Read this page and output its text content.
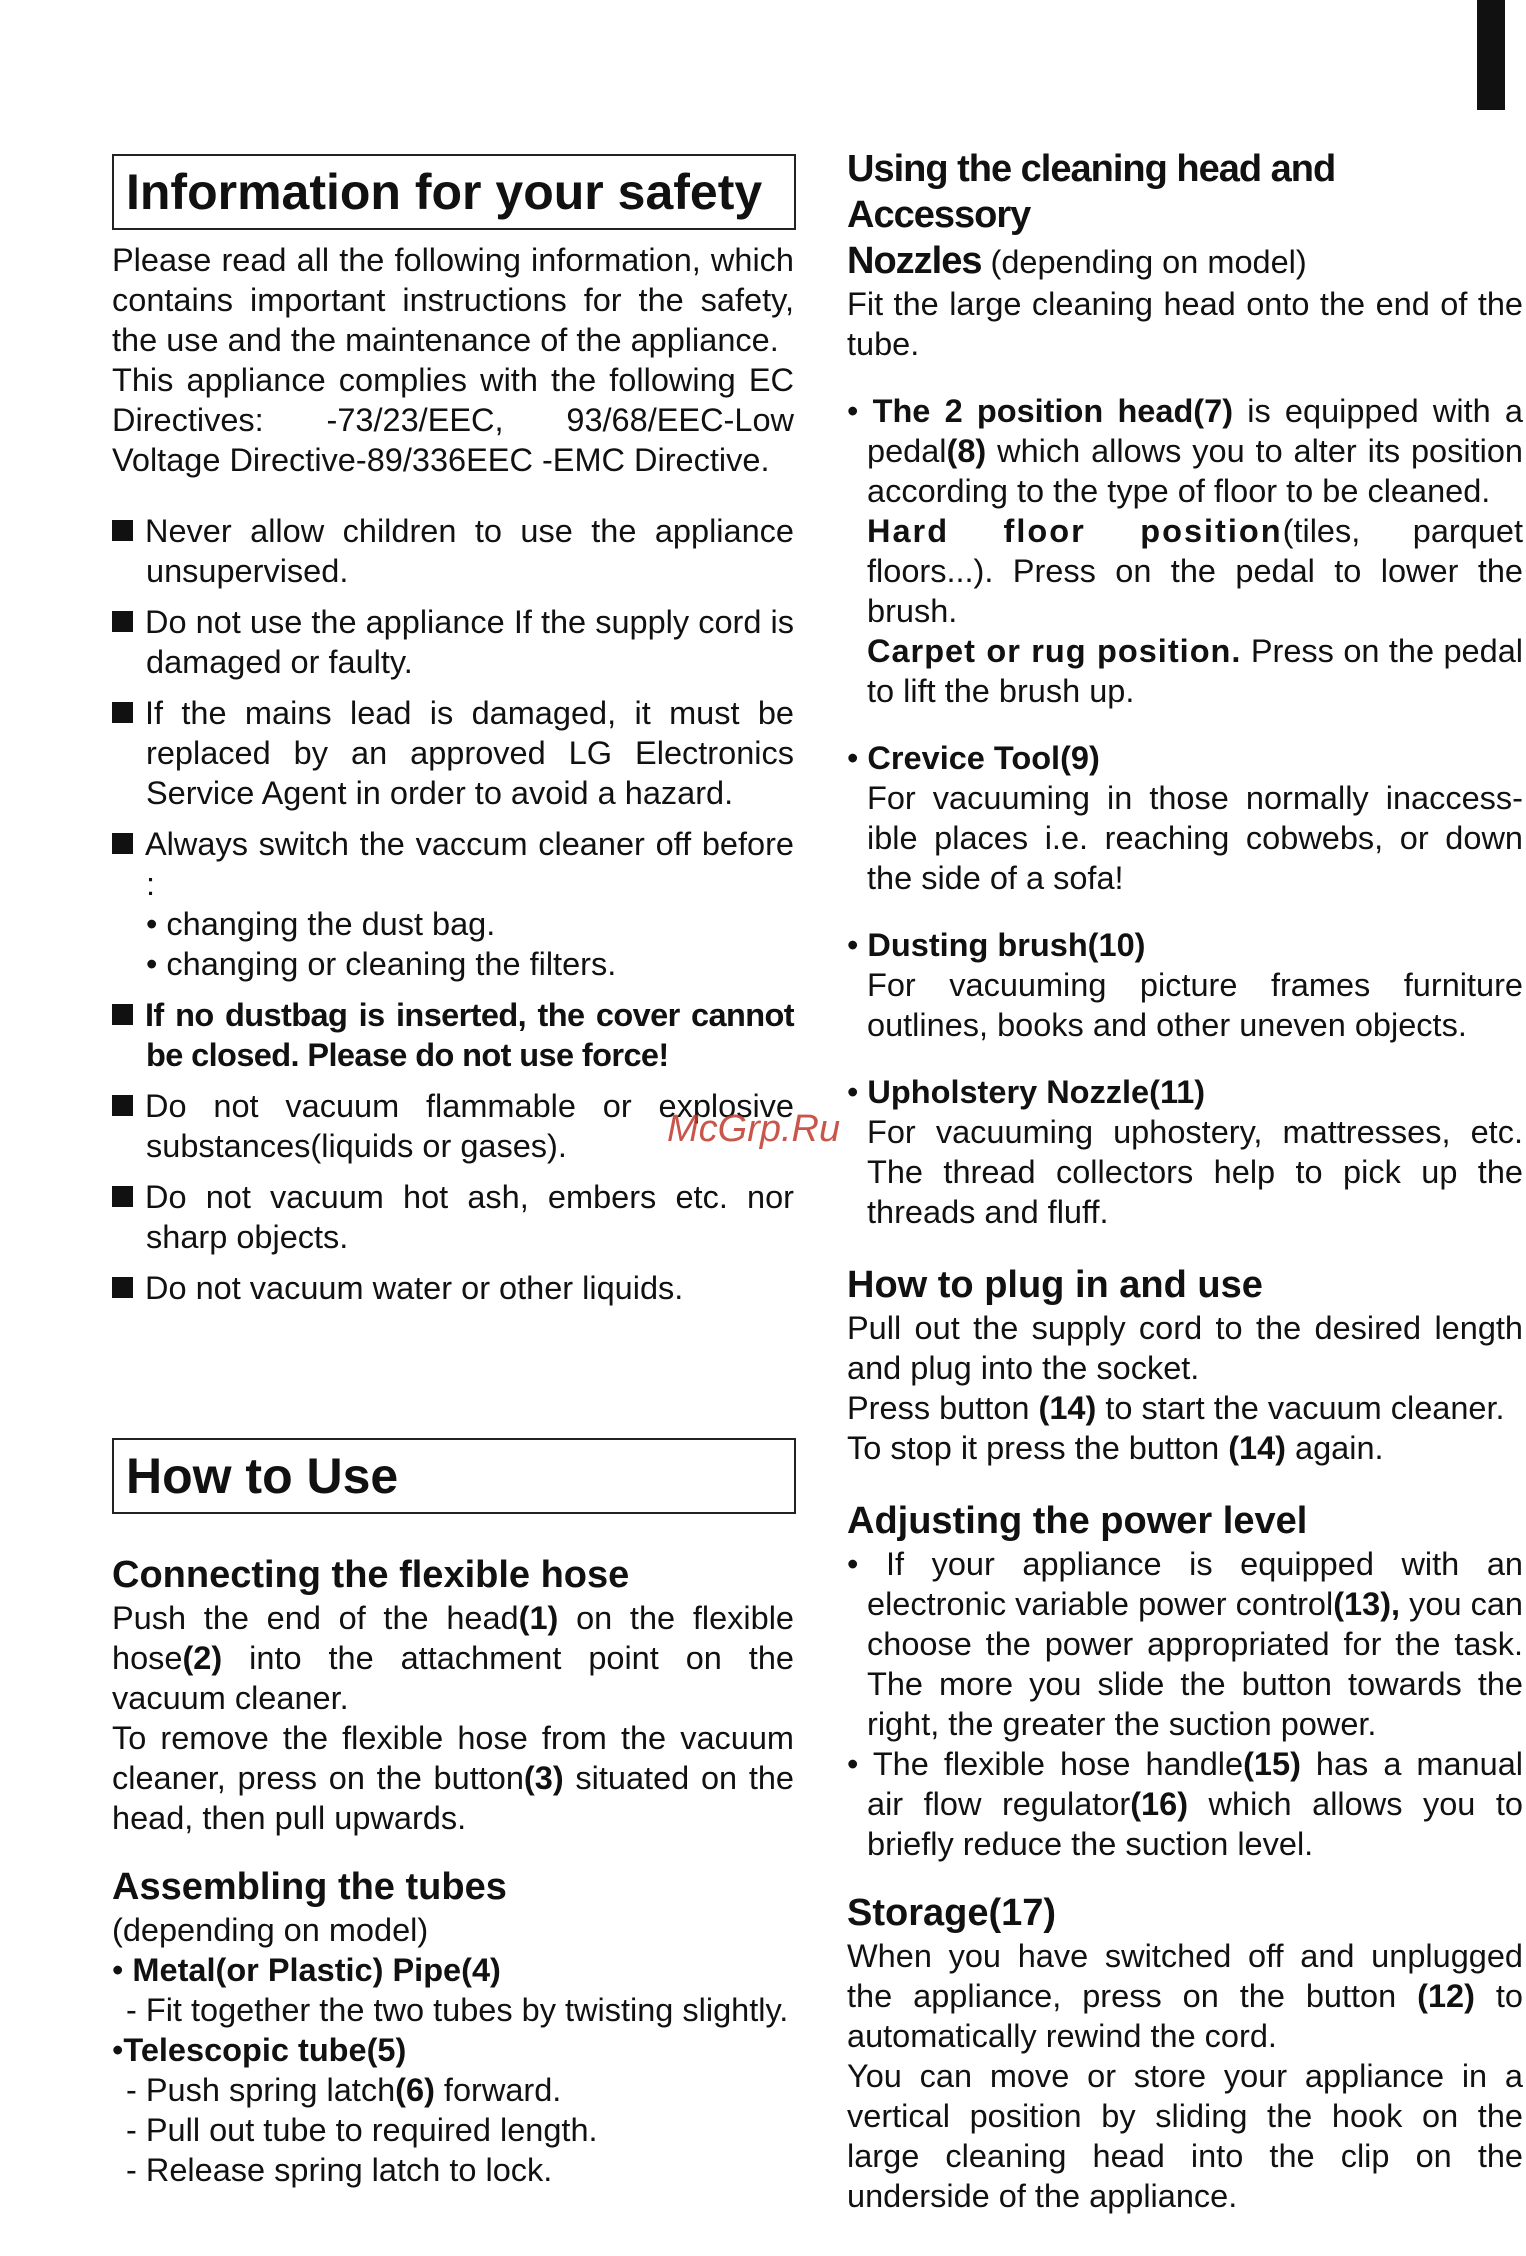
Information for your safety

Please read all the following information, which contains important instructions for the safety, the use and the maintenance of the appliance.

This appliance complies with the following EC Directives: -73/23/EEC, 93/68/EEC-Low Voltage Directive-89/336EEC -EMC Directive.

Never allow children to use the appliance unsupervised.

Do not use the appliance If the supply cord is damaged or faulty.

If the mains lead is damaged, it must be replaced by an approved LG Electronics Service Agent in order to avoid a hazard.

Always switch the vaccum cleaner off before :

• changing the dust bag.

• changing or cleaning the filters.

If no dustbag is inserted, the cover cannot be closed. Please do not use force!

Do not vacuum flammable or explosive substances(liquids or gases).

Do not vacuum hot ash, embers etc. nor sharp objects.

Do not vacuum water or other liquids.

How to Use

Connecting the flexible hose

Push the end of the head(1) on the flexible hose(2) into the attachment point on the vacuum cleaner.

To remove the flexible hose from the vacuum cleaner, press on the button(3) situated on the head, then pull upwards.

Assembling the tubes

(depending on model)

• Metal(or Plastic) Pipe(4)

- Fit together the two tubes by twisting slightly.

•Telescopic tube(5)

- Push spring latch(6) forward.

- Pull out tube to required length.

- Release spring latch to lock.

Using the cleaning head and Accessory

Nozzles (depending on model)

Fit the large cleaning head onto the end of the tube.

• The 2 position head(7) is equipped with a pedal(8) which allows you to alter its position according to the type of floor to be cleaned.

Hard floor position(tiles, parquet floors...). Press on the pedal to lower the brush.

Carpet or rug position. Press on the pedal to lift the brush up.

• Crevice Tool(9)

For vacuuming in those normally inaccess-ible places i.e. reaching cobwebs, or down the side of a sofa!

• Dusting brush(10)

For vacuuming picture frames furniture outlines, books and other uneven objects.

• Upholstery Nozzle(11)

For vacuuming uphostery, mattresses, etc. The thread collectors help to pick up the threads and fluff.

How to plug in and use

Pull out the supply cord to the desired length and plug into the socket.

Press button (14) to start the vacuum cleaner.

To stop it press the button (14) again.

Adjusting the power level

• If your appliance is equipped with an electronic variable power control(13), you can choose the power appropriated for the task. The more you slide the button towards the right, the greater the suction power.

• The flexible hose handle(15) has a manual air flow regulator(16) which allows you to briefly reduce the suction level.

Storage(17)

When you have switched off and unplugged the appliance, press on the button (12) to automatically rewind the cord.

You can move or store your appliance in a vertical position by sliding the hook on the large cleaning head into the clip on the underside of the appliance.

McGrp.Ru
